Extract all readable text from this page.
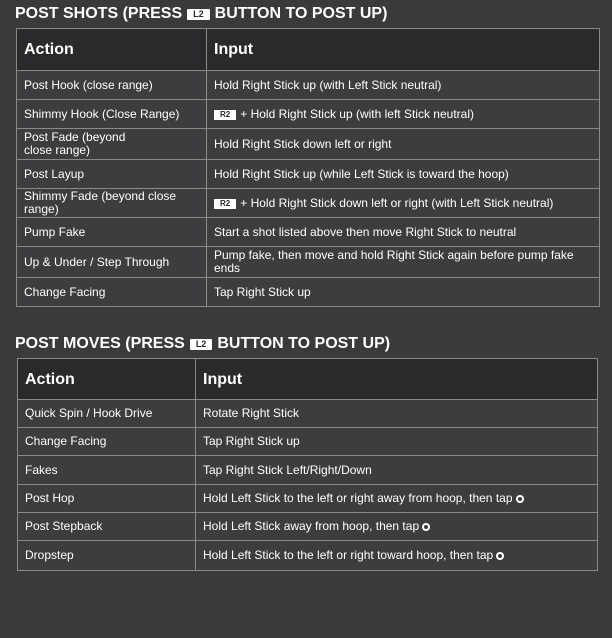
POST SHOTS (PRESS	L2 BUTTON TO POST UP)
Action	Input
Post Hook (close range)	Hold Right Stick up (with Left Stick neutral)
Shimmy Hook (Close Range)	R2 + Hold Right Stick up (with left Stick neutral)
Post Fade (beyond close range)	Hold Right Stick down left or right
Post Layup	Hold Right Stick up (while Left Stick is toward the hoop)
Shimmy Fade (beyond close range)	R2 + Hold Right Stick down left or right (with Left Stick neutral)
Pump Fake	Start a shot listed above then move Right Stick to neutral
Up & Under / Step Through	Pump fake, then move and hold Right Stick again before pump fake ends
Change Facing	Tap Right Stick up
POST MOVES (PRESS	L2 BUTTON TO POST UP)
Action	Input
Quick Spin / Hook Drive	Rotate Right Stick
Change Facing	Tap Right Stick up
Fakes	Tap Right Stick Left/Right/Down
Post Hop	Hold Left Stick to the left or right away from hoop, then tap
Post Stepback	Hold Left Stick away from hoop, then tap
Dropstep	Hold Left Stick to the left or right toward hoop, then tap
